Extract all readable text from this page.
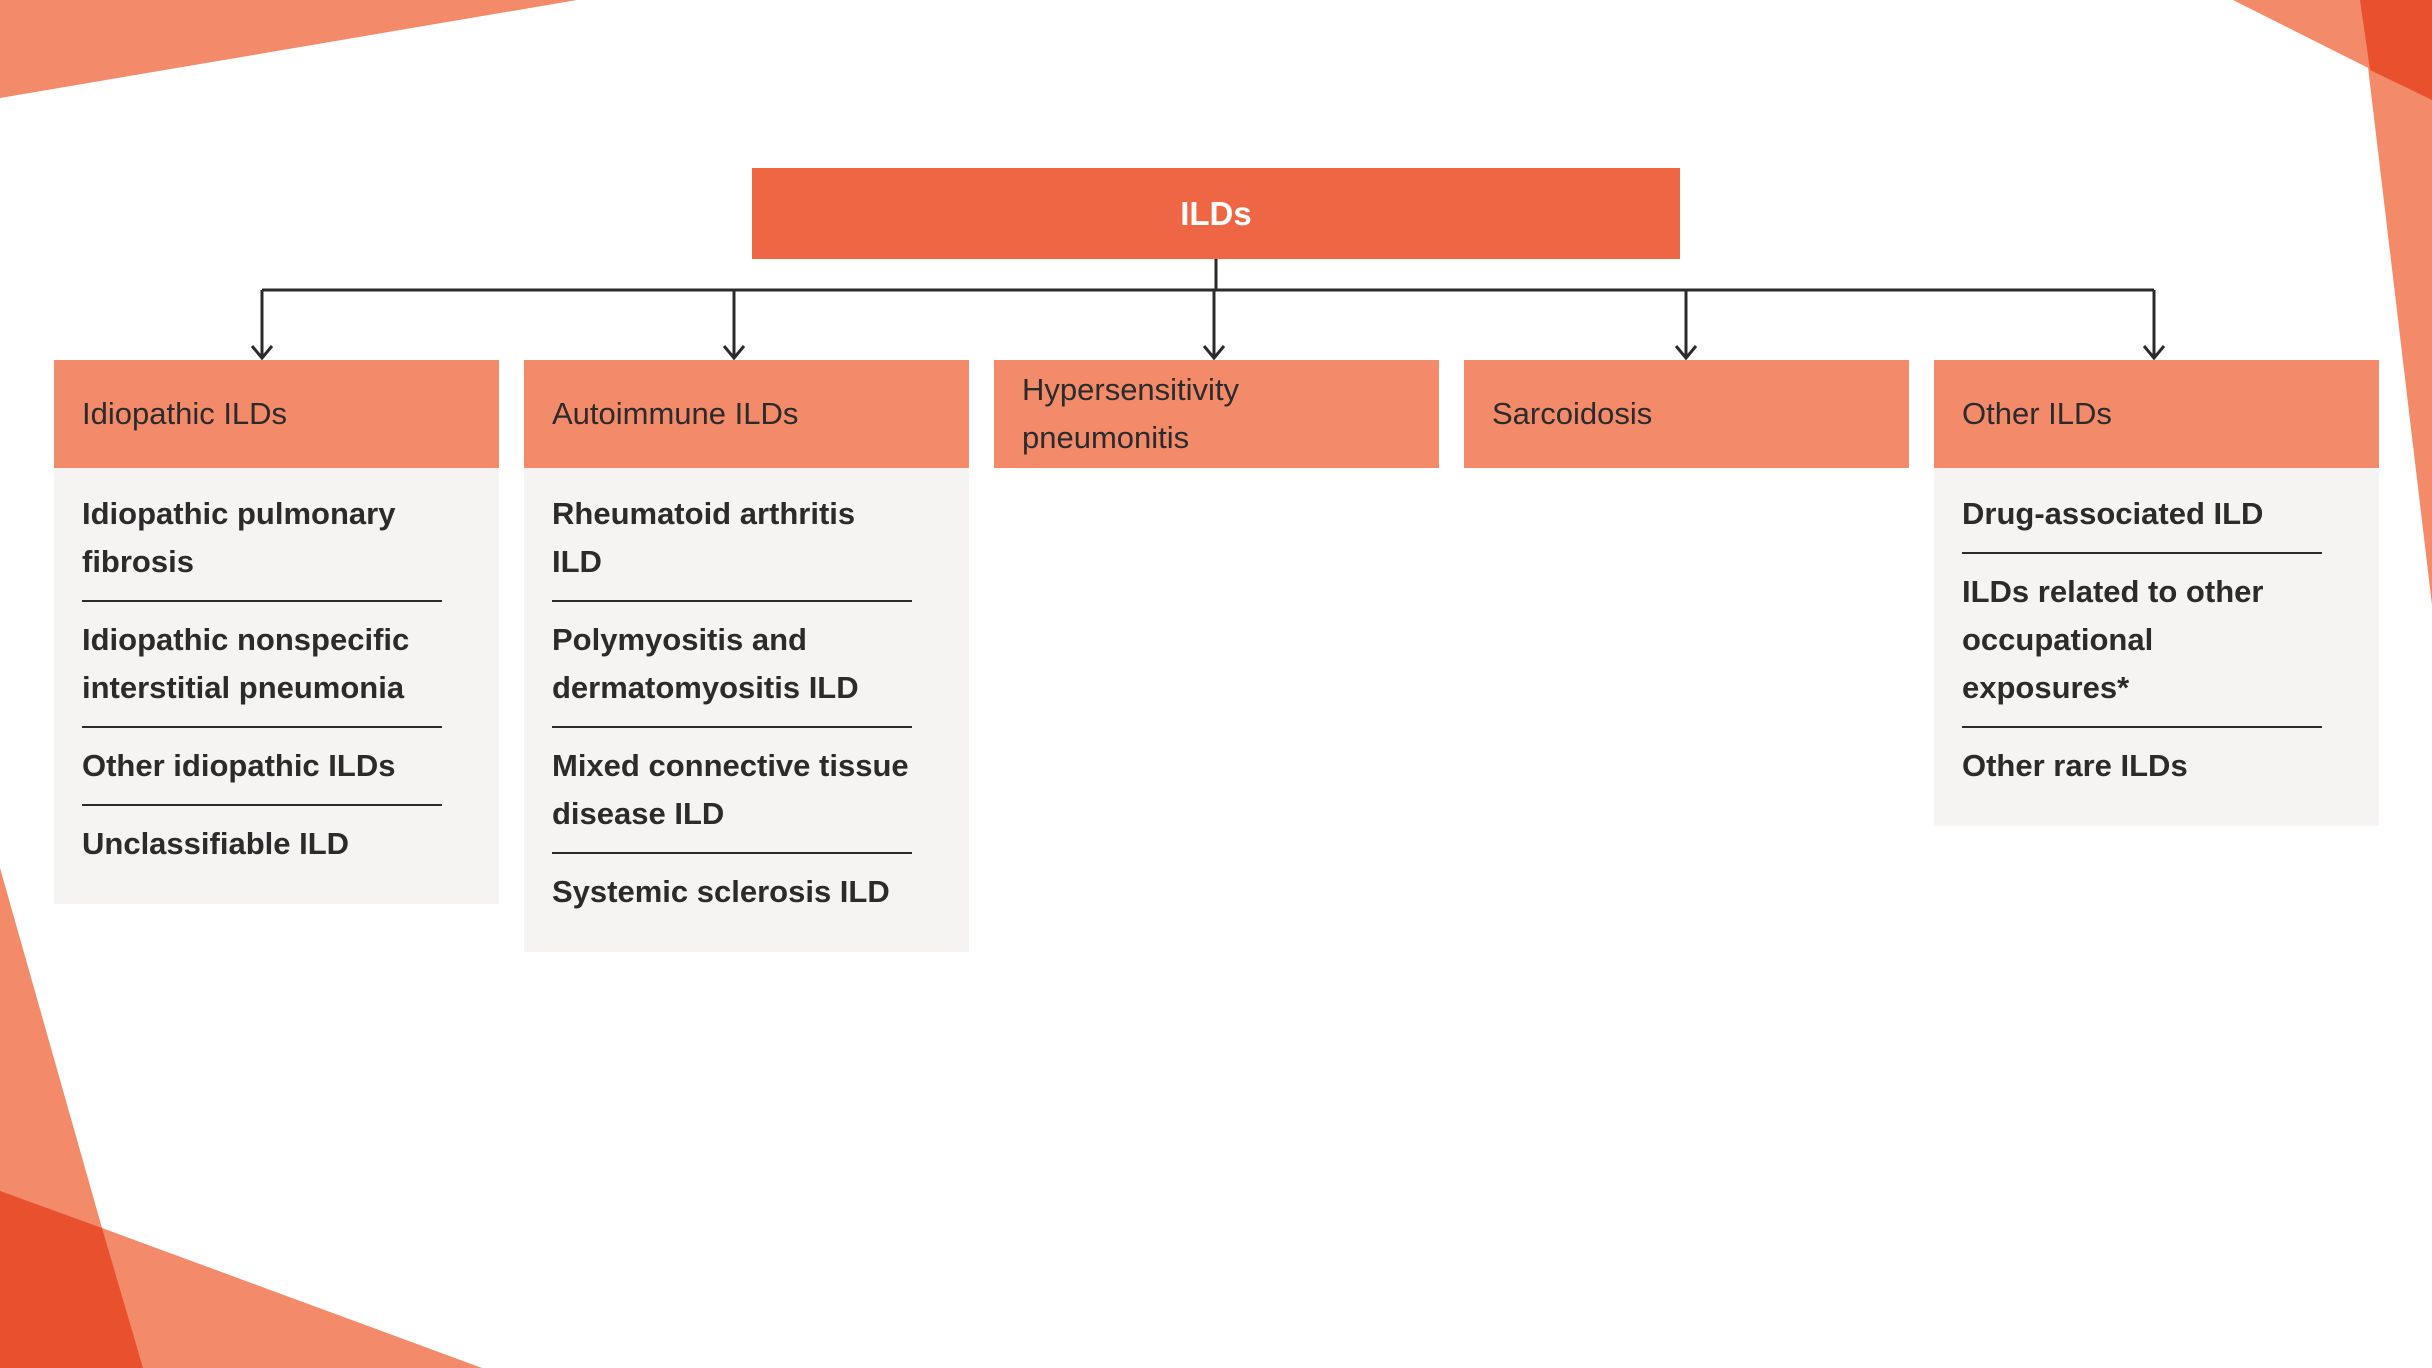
ILDs
Idiopathic ILDs
Idiopathic pulmonary fibrosis
Idiopathic nonspecific interstitial pneumonia
Other idiopathic ILDs
Unclassifiable ILD
Autoimmune ILDs
Rheumatoid arthritis ILD
Polymyositis and dermatomyositis ILD
Mixed connective tissue disease ILD
Systemic sclerosis ILD
Hypersensitivity pneumonitis
Sarcoidosis	Other ILDs
Drug-associated ILD
ILDs related to other occupational exposures*
Other rare ILDs
